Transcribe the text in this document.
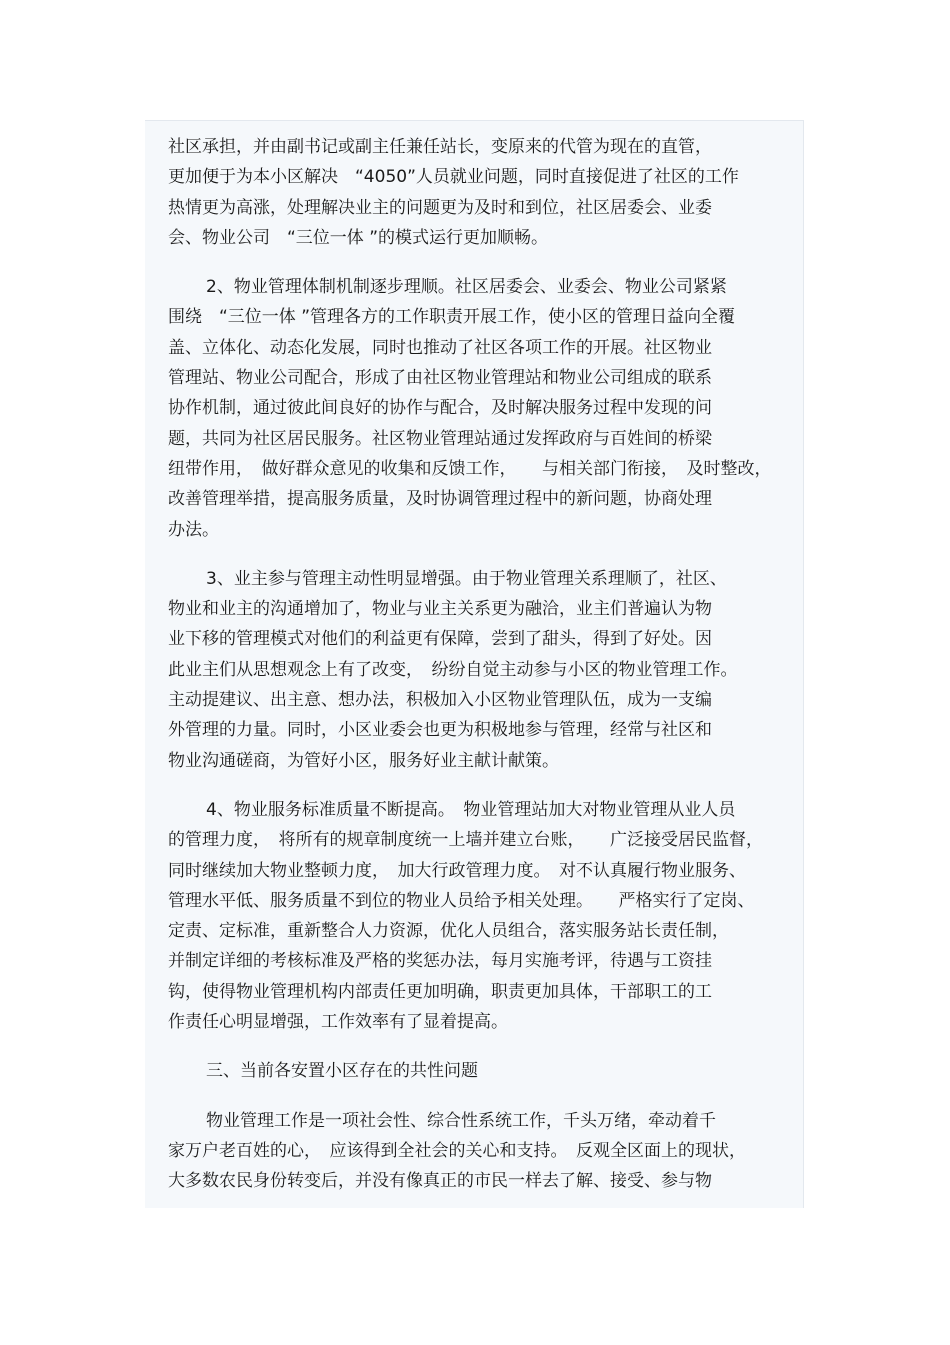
社区承担，并由副书记或副主任兼任站长，变原来的代管为现在的直管，
更加便于为本小区解决　“4050”人员就业问题，同时直接促进了社区的工作
热情更为高涨，处理解决业主的问题更为及时和到位，社区居委会、业委
会、物业公司　“三位一体 ”的模式运行更加顺畅。
2、物业管理体制机制逐步理顺。社区居委会、业委会、物业公司紧紧
围绕　“三位一体 ”管理各方的工作职责开展工作，使小区的管理日益向全覆
盖、立体化、动态化发展，同时也推动了社区各项工作的开展。社区物业
管理站、物业公司配合，形成了由社区物业管理站和物业公司组成的联系
协作机制，通过彼此间良好的协作与配合，及时解决服务过程中发现的问
题，共同为社区居民服务。社区物业管理站通过发挥政府与百姓间的桥梁
纽带作用，　做好群众意见的收集和反馈工作，　　与相关部门衔接，　及时整改，
改善管理举措，提高服务质量，及时协调管理过程中的新问题，协商处理
办法。
3、业主参与管理主动性明显增强。由于物业管理关系理顺了，社区、
物业和业主的沟通增加了，物业与业主关系更为融洽，业主们普遍认为物
业下移的管理模式对他们的利益更有保障，尝到了甜头，得到了好处。因
此业主们从思想观念上有了改变，　纷纷自觉主动参与小区的物业管理工作。
主动提建议、出主意、想办法，积极加入小区物业管理队伍，成为一支编
外管理的力量。同时，小区业委会也更为积极地参与管理，经常与社区和
物业沟通磋商，为管好小区，服务好业主献计献策。
4、物业服务标准质量不断提高。　物业管理站加大对物业管理从业人员
的管理力度，　将所有的规章制度统一上墙并建立台账，　　广泛接受居民监督，
同时继续加大物业整顿力度，　加大行政管理力度。　对不认真履行物业服务、
管理水平低、服务质量不到位的物业人员给予相关处理。　　严格实行了定岗、
定责、定标准，重新整合人力资源，优化人员组合，落实服务站长责任制，
并制定详细的考核标准及严格的奖惩办法，每月实施考评，待遇与工资挂
钩，使得物业管理机构内部责任更加明确，职责更加具体，干部职工的工
作责任心明显增强，工作效率有了显着提高。
三、当前各安置小区存在的共性问题
物业管理工作是一项社会性、综合性系统工作，千头万绪，牵动着千
家万户老百姓的心，　应该得到全社会的关心和支持。　反观全区面上的现状，
大多数农民身份转变后，并没有像真正的市民一样去了解、接受、参与物
